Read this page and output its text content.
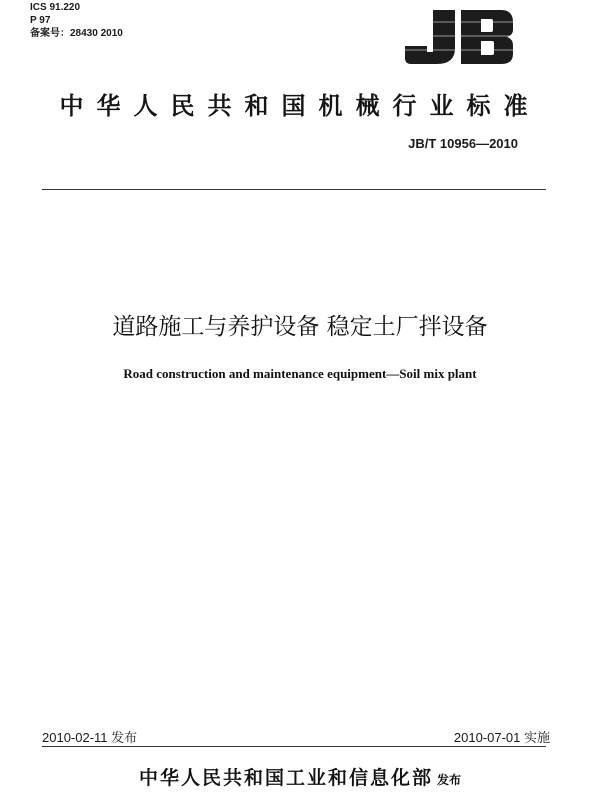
ICS 91.220
P 97
备案号：28430 2010
中华人民共和国机械行业标准
JB/T 10956—2010
道路施工与养护设备 稳定土厂拌设备
Road construction and maintenance equipment—Soil mix plant
2010-02-11 发布	2010-07-01 实施
中华人民共和国工业和信息化部 发布
